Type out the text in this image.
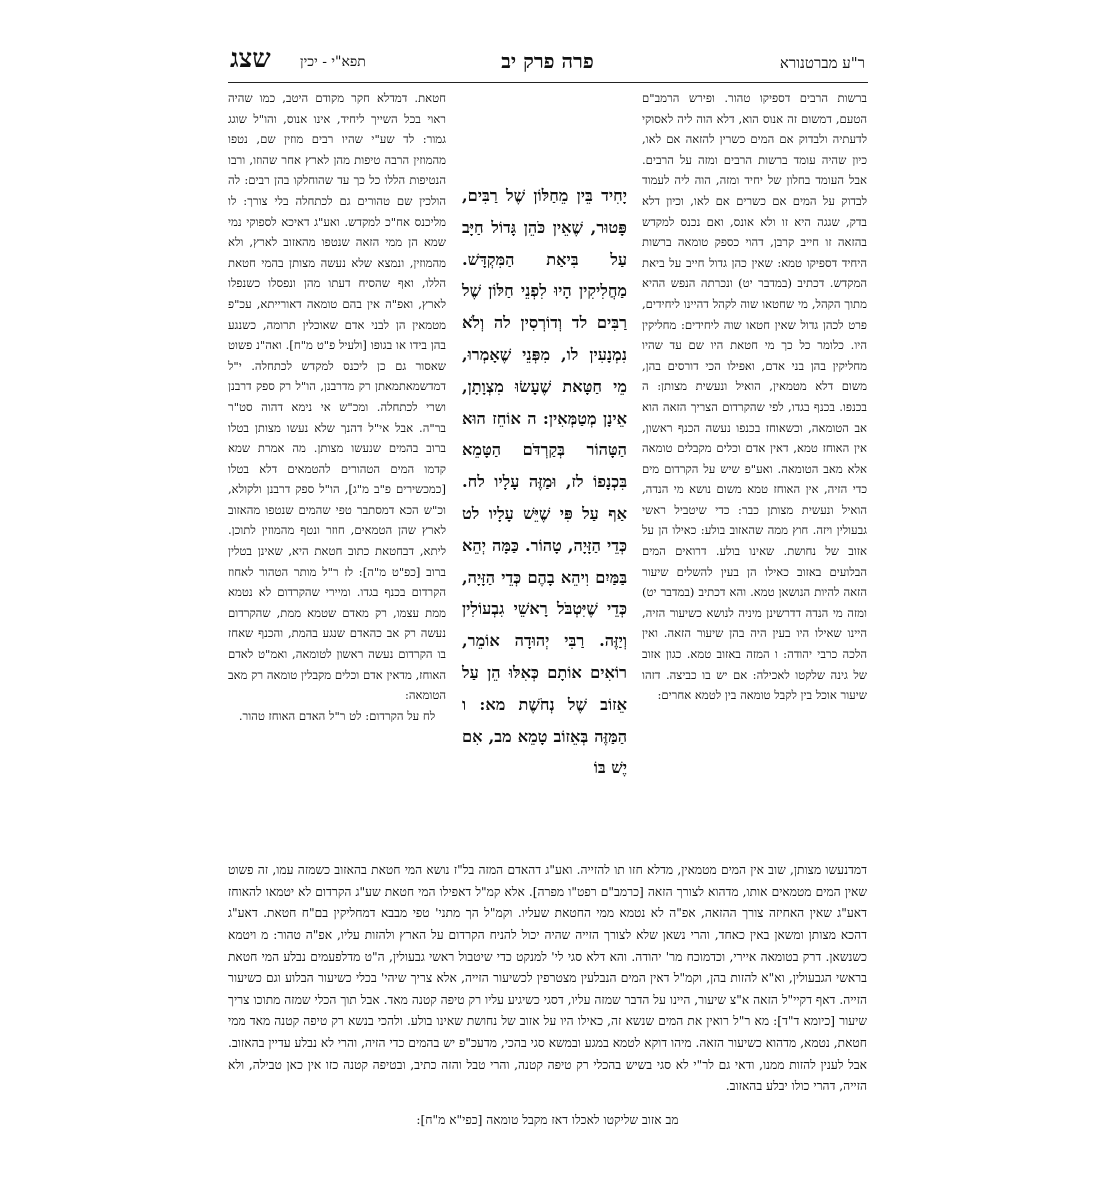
ר"ע מברטנורא
פרה פרק יב
תפא"י - יכין
שצג

ברשות הרבים דספיקו טהור. ופירש הרמב"ם הטעם, דמשום זה אנוס הוא, דלא הוה ליה לאסוקי לדעתיה ולבדוק אם המים כשרין להזאה אם לאו, כיון שהיה עומד ברשות הרבים ומזה על הרבים. אבל העומד בחלון של יחיד ומזה, הוה ליה לעמוד לבדוק על המים אם כשרים אם לאו, וכיון דלא בדק, שגגה היא זו ולא אונס, ואם נכנס למקדש בהזאה זו חייב קרבן, דהוי כספק טומאה ברשות היחיד דספיקו טמא: שאין כהן גדול חייב על ביאת המקדש. דכתיב (במדבר יט) ונכרתה הנפש ההיא מתוך הקהל, מי שחטאו שוה לקהל דהיינו ליחידים, פרט לכהן גדול שאין חטאו שוה ליחידים: מחליקין היו. כלומר כל כך מי חטאת היו שם עד שהיו מחליקין בהן בני אדם, ואפילו הכי דורסים בהן, משום דלא מטמאין, הואיל ונעשית מצותן: ה בכנפו. בכנף בגדו, לפי שהקרדום הצריך הזאה הוא אב הטומאה, וכשאוחז בכנפו נעשה הכנף ראשון, אין האוחז טמא, דאין אדם וכלים מקבלים טומאה אלא מאב הטומאה. ואע"פ שיש על הקרדום מים כדי הזיה, אין האוחז טמא משום נושא מי הנדה, הואיל ונעשית מצותן כבר: כדי שיטביל ראשי גבעולין ויזה. חוץ ממה שהאזוב בולע: כאילו הן על אזוב של נחושת. שאינו בולע. דרואים המים הבלועים באזוב כאילו הן בעין להשלים שיעור הזאה להיות הנושאן טמא. והא דכתיב (במדבר יט) ומזה מי הנדה דדרשינן מיניה לנושא כשיעור הזיה, היינו שאילו היו בעין היה בהן שיעור הזאה. ואין הלכה כרבי יהודה: ו המזה באזוב טמא. כגון אזוב של גינה שלקטו לאכילה: אם יש בו כביצה. דזהו שיעור אוכל בין לקבל טומאה בין לטמא אחרים:

יָחִיד בֵּין מֵחַלּוֹן שֶׁל רַבִּים, פָּטוּר, שֶׁאֵין כֹּהֵן גָּדוֹל חַיָּב עַל בִּיאַת הַמִּקְדָּשׁ. מַחֲלִיקִין הָיוּ לִפְנֵי חַלּוֹן שֶׁל רַבִּים לד וְדוֹרְסִין לה וְלֹא נִמְנָעִין לו, מִפְּנֵי שֶׁאָמְרוּ, מֵי חַטָּאת שֶׁעָשׂוּ מִצְוָתָן, אֵינָן מְטַמְּאִין: ה אוֹחֵז הוּא הַטָּהוֹר בְּקַרְדֹּם הַטָּמֵא בִּכְנָפוֹ לז, וּמַזֶּה עָלָיו לח. אַף עַל פִּי שֶׁיֵּשׁ עָלָיו לט כְּדֵי הַזָּיָה, טָהוֹר. כַּמָּה יְהֵא בַּמַּיִם וִיהֵא בָהֶם כְּדֵי הַזָּיָה, כְּדֵי שֶׁיִּטְבֹּל רָאשֵׁי גִבְעוֹלִין וְיַזֶּה. רַבִּי יְהוּדָה אוֹמֵר, רוֹאִים אוֹתָם כְּאִלּוּ הֵן עַל אֵזוֹב שֶׁל נְחֹשֶׁת מא: ו הַמַּזֶּה בְּאֵזוֹב טָמֵא מב, אִם יֶשׁ בּוֹ

חטאת. דמדלא חקר מקודם היטב, כמו שהיה ראוי בכל השייך ליחיד, אינו אנוס, והו"ל שוגג גמור: לד שע"י שהיו רבים מוזין שם, נטפו מהמוזין הרבה טיפות מהן לארץ אחר שהוזו, ורבו הנטיפות הללו כל כך עד שהוחלקו בהן רבים: לה הולכין שם טהורים גם לכתחלה בלי צורך: לו מליכנס אח"כ למקדש. ואע"ג דאיכא לספוקי נמי שמא הן ממי הזאה שנטפו מהאזוב לארץ, ולא מהמוזין, ונמצא שלא נעשה מצותן בהמי חטאת הללו, ואף שהסיח דעתו מהן ונפסלו כשנפלו לארץ, ואפ"ה אין בהם טומאה דאורייתא, עכ"פ מטמאין הן לבני אדם שאוכלין תרומה, כשנגע בהן בידו או בגופו [ולעיל פ"ט מ"ח]. ואה"נ פשוט שאסור גם כן ליכנס למקדש לכתחלה. י"ל דמדשמאתמאתן רק מדרבנן, הו"ל רק ספק דרבנן ושרי לכתחלה. ומכ"ש אי נימא דהוה סט"ר בר"ה. אבל אי"ל דהנך שלא נעשו מצותן בטלו ברוב בהמים שנעשו מצותן. מה אמרת שמא קדמו המים הטהורים להטמאים דלא בטלו [כמכשירים פ"ב מ"ג], הו"ל ספק דרבנן ולקולא, וכ"ש הכא דמסתבר טפי שהמים שנטפו מהאזוב לארץ שהן הטמאים, חוזר ונטף מהמוזין לתוכן. ליתא, דבחטאת כתוב חטאת היא, שאינן בטלין ברוב [כפ"ט מ"ה]: לז ר"ל מותר הטהור לאחוז הקרדום בכנף בגדו. ומיירי שהקרדום לא נטמא ממת עצמו, רק מאדם שטמא ממת, שהקרדום נעשה רק אב כהאדם שנגע בהמת, והכנף שאחז בו הקרדום נעשה ראשון לטומאה, ואמ"ט לאדם האוחז, מדאין אדם וכלים מקבלין טומאה רק מאב הטומאה:

לח על הקרדום: לט ר"ל האדם האוחז טהור.

דמדנעשו מצותן, שוב אין המים מטמאין, מדלא חזו תו להזייה. ואע"ג דהאדם המזה בל"ז נושא המי חטאת בהאזוב כשמזה עמו, זה פשוט שאין המים מטמאים אותו, מדהוא לצורך הזאה [כרמב"ם רפט"ו מפרה]. אלא קמ"ל דאפילו המי חטאת שע"ג הקרדום לא יטמאו להאוחז דאע"ג שאין האחיזה צורך ההזאה, אפ"ה לא נטמא ממי החטאת שעליו. וקמ"ל הך מתני' טפי מבבא דמחליקין בם"ח חטאת. דאע"ג דהכא מצותן ומשאן באין כאחד, והרי נשאן שלא לצורך הזייה שהיה יכול להניח הקרדום על הארץ ולהזות עליו, אפ"ה טהור: מ ויטמא כשנשאן. דרק בטומאה איירי, וכדמוכח מר' יהודה. והא דלא סגי לי' למנקט כדי שיטבול ראשי גבעולין, ה"ט מדלפעמים נבלע המי חטאת בראשי הגבעולין, וא"א להזות בהן, וקמ"ל דאין המים הנבלעין מצטרפין לכשיעור הזייה, אלא צריך שיהי' בכלי כשיעור הבלוע וגם כשיעור הזייה. דאף דקיי"ל הזאה א"צ שיעור, היינו על הדבר שמזה עליו, דסגי כשיגיע עליו רק טיפה קטנה מאד. אבל תוך הכלי שמזה מתוכו צריך שיעור [כיומא ד"ד]: מא ר"ל רואין את המים שנשא זה, כאילו היו על אזוב של נחושת שאינו בולע. ולהכי בנשא רק טיפה קטנה מאד ממי חטאת, נטמא, מדהוא כשיעור הזאה. מיהו דוקא לטמא במגע ובמשא סגי בהכי, מדעכ"פ יש בהמים כדי הזיה, והרי לא נבלע עדיין בהאזוב. אבל לענין להזות ממנו, ודאי גם לר"י לא סגי בשיש בהכלי רק טיפה קטנה, והרי טבל והזה כתיב, ובטיפה קטנה כזו אין כאן טבילה, ולא הזייה, דהרי כולו יבלע בהאזוב.

מב אזוב שליקטו לאכלו דאז מקבל טומאה [כפי"א מ"ח]:
